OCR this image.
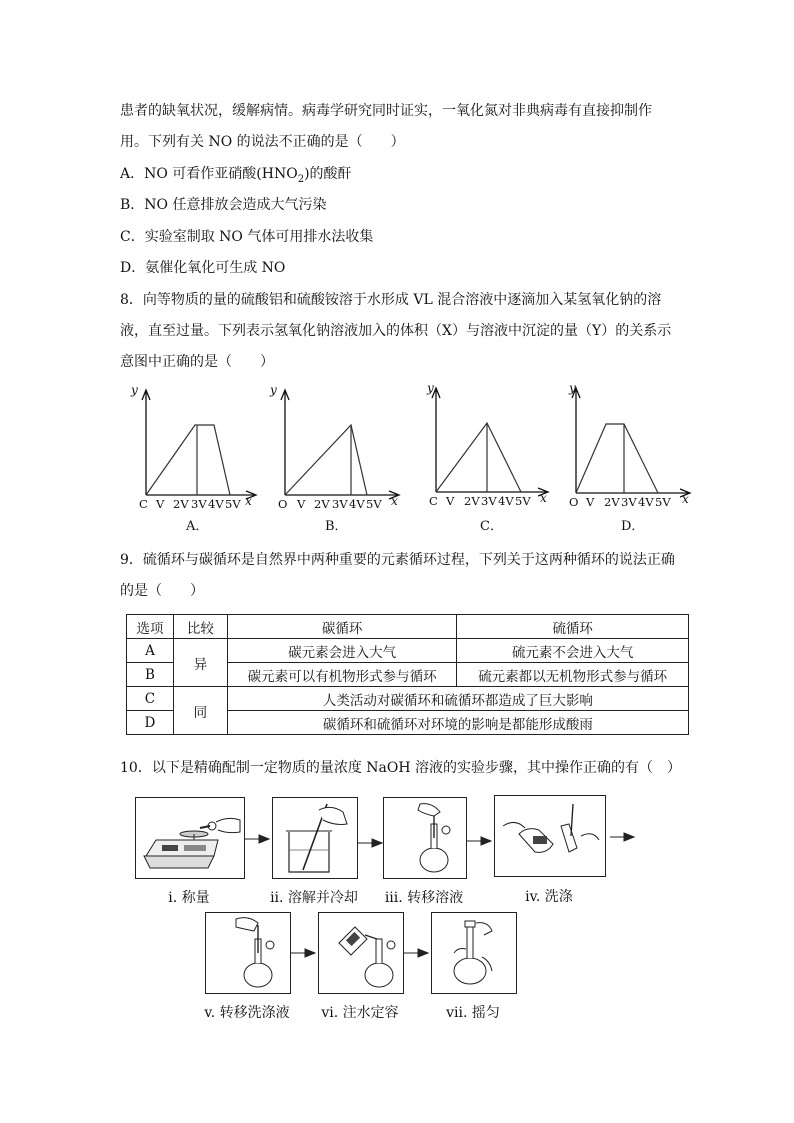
患者的缺氧状况，缓解病情。病毒学研究同时证实，一氧化氮对非典病毒有直接抑制作
用。下列有关 NO 的说法不正确的是（　　）
A．NO 可看作亚硝酸$(HNO_2)$的酸酐
B．NO 任意排放会造成大气污染
C．实验室制取 NO 气体可用排水法收集
D．氨催化氧化可生成 NO
8．向等物质的量的硫酸铝和硫酸铵溶于水形成 VL 混合溶液中逐滴加入某氢氧化钠的溶
液，直至过量。下列表示氢氧化钠溶液加入的体积（X）与溶液中沉淀的量（Y）的关系示
意图中正确的是（　　）
y
C V 2V 3V 4V 5V x
A．
y
O V 2V 3V 4V 5V x
B．
y
C V 2V 3V 4V 5V x
C．
y
O V 2V 3V 4V 5V x
D．
9．硫循环与碳循环是自然界中两种重要的元素循环过程，下列关于这两种循环的说法正确
的是（　　）
选项	比较	碳循环	硫循环
A	异	碳元素会进入大气	硫元素不会进入大气
B		碳元素可以有机物形式参与循环	硫元素都以无机物形式参与循环
C	同	人类活动对碳循环和硫循环都造成了巨大影响	
D		碳循环和硫循环对环境的影响是都能形成酸雨	
10．以下是精确配制一定物质的量浓度 NaOH 溶液的实验步骤，其中操作正确的有（　）
i. 称量	ii. 溶解并冷却	iii. 转移溶液	iv. 洗涤
v. 转移洗涤液	vi. 注水定容	vii. 摇匀
